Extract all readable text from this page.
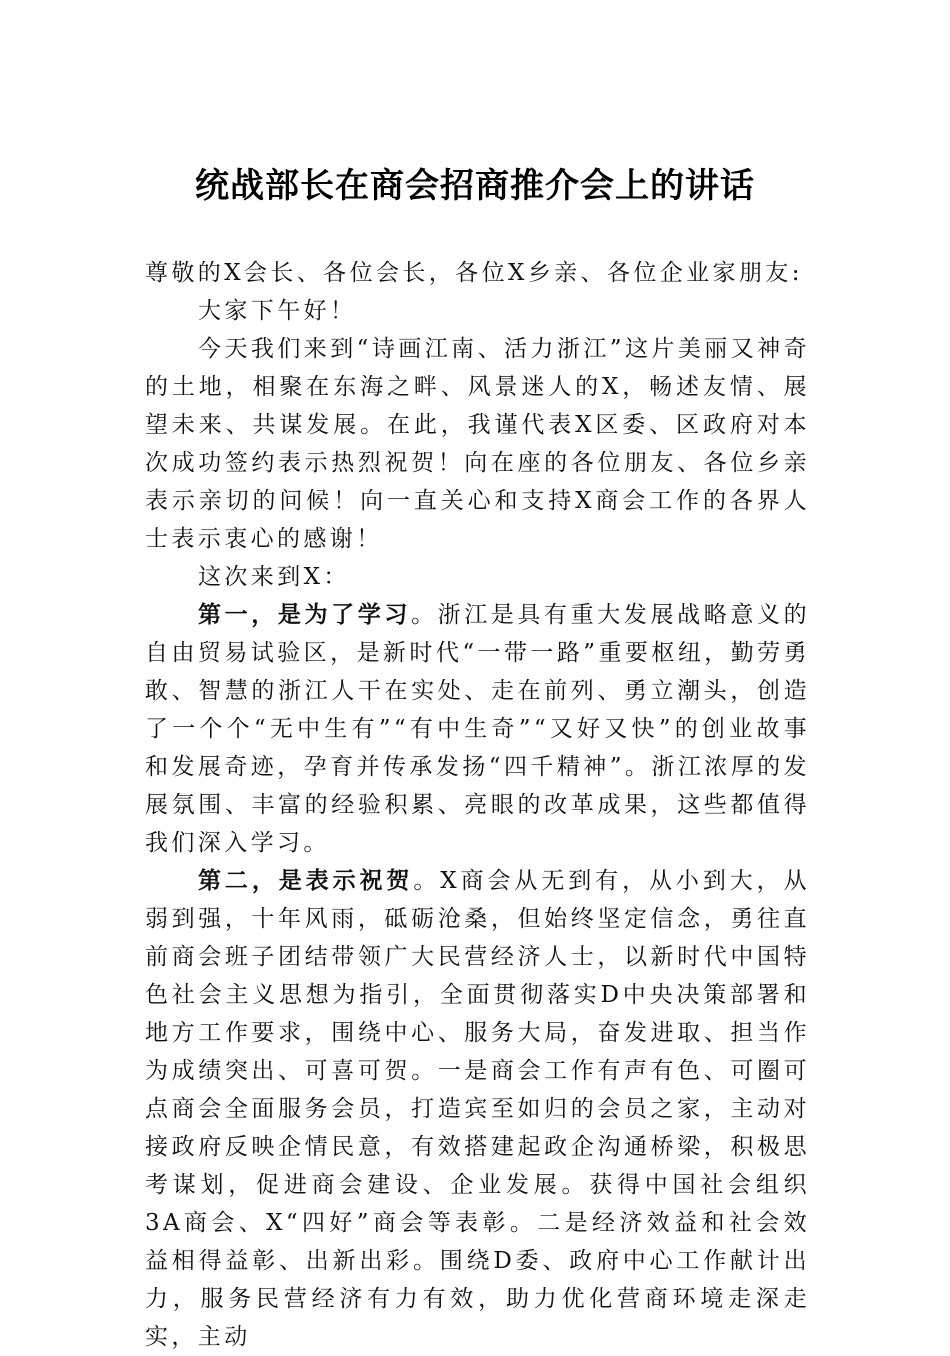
统战部长在商会招商推介会上的讲话

尊敬的X会长、各位会长，各位X乡亲、各位企业家朋友:

大家下午好！

今天我们来到“诗画江南、活力浙江”这片美丽又神奇的土地，相聚在东海之畔、风景迷人的X，畅述友情、展望未来、共谋发展。在此，我谨代表X区委、区政府对本次成功签约表示热烈祝贺！向在座的各位朋友、各位乡亲表示亲切的问候！向一直关心和支持X商会工作的各界人士表示衷心的感谢！

这次来到X：

第一，是为了学习。浙江是具有重大发展战略意义的自由贸易试验区，是新时代“一带一路”重要枢纽，勤劳勇敢、智慧的浙江人干在实处、走在前列、勇立潮头，创造了一个个“无中生有”“有中生奇”“又好又快”的创业故事和发展奇迹，孕育并传承发扬“四千精神”。浙江浓厚的发展氛围、丰富的经验积累、亮眼的改革成果，这些都值得我们深入学习。

第二，是表示祝贺。X商会从无到有，从小到大，从弱到强，十年风雨，砥砺沧桑，但始终坚定信念，勇往直前商会班子团结带领广大民营经济人士，以新时代中国特色社会主义思想为指引，全面贯彻落实D中央决策部署和地方工作要求，围绕中心、服务大局，奋发进取、担当作为成绩突出、可喜可贺。一是商会工作有声有色、可圈可点商会全面服务会员，打造宾至如归的会员之家，主动对接政府反映企情民意，有效搭建起政企沟通桥梁，积极思考谋划，促进商会建设、企业发展。获得中国社会组织3A商会、X“四好”商会等表彰。二是经济效益和社会效益相得益彰、出新出彩。围绕D委、政府中心工作献计出力，服务民营经济有力有效，助力优化营商环境走深走实，主动
